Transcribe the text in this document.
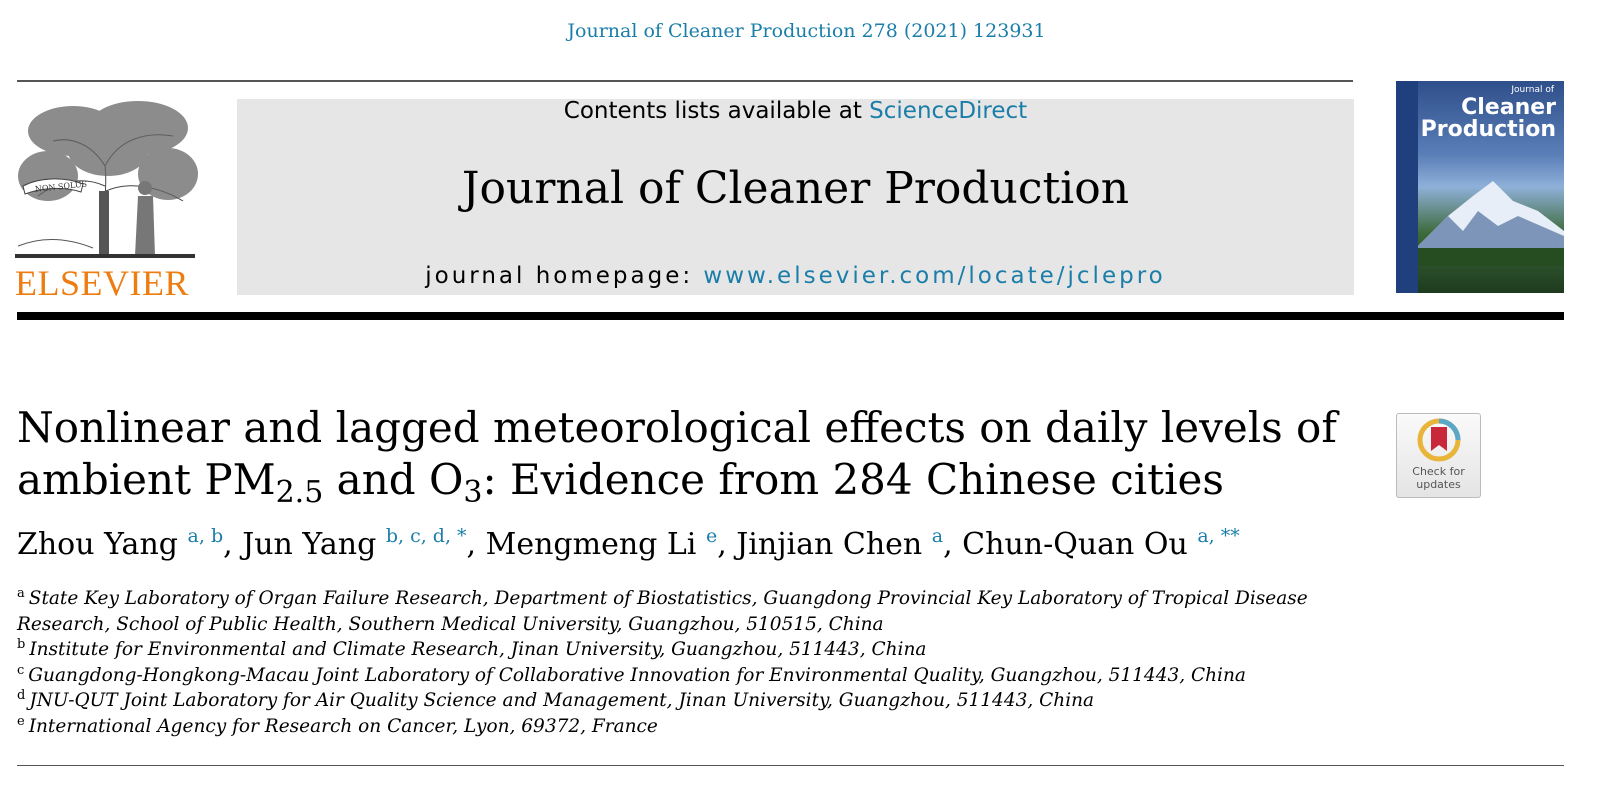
Journal of Cleaner Production 278 (2021) 123931
NON SOLUS
ELSEVIER
Contents lists available at ScienceDirect
Journal of Cleaner Production
journal homepage: www.elsevier.com/locate/jclepro
Journal of
Cleaner
Production
Nonlinear and lagged meteorological effects on daily levels of ambient $PM_{2.5}$ and $O_3$: Evidence from 284 Chinese cities	Check for
updates
Zhou Yang $^{a, b}$, Jun Yang $^{b, c, d, *}$, Mengmeng Li $^e$, Jinjian Chen $^a$, Chun-Quan Ou $^{a, **}$
$^a$ State Key Laboratory of Organ Failure Research, Department of Biostatistics, Guangdong Provincial Key Laboratory of Tropical Disease Research, School of Public Health, Southern Medical University, Guangzhou, 510515, China
$^b$ Institute for Environmental and Climate Research, Jinan University, Guangzhou, 511443, China
$^c$ Guangdong-Hongkong-Macau Joint Laboratory of Collaborative Innovation for Environmental Quality, Guangzhou, 511443, China
$^d$ JNU-QUT Joint Laboratory for Air Quality Science and Management, Jinan University, Guangzhou, 511443, China
$^e$ International Agency for Research on Cancer, Lyon, 69372, France
